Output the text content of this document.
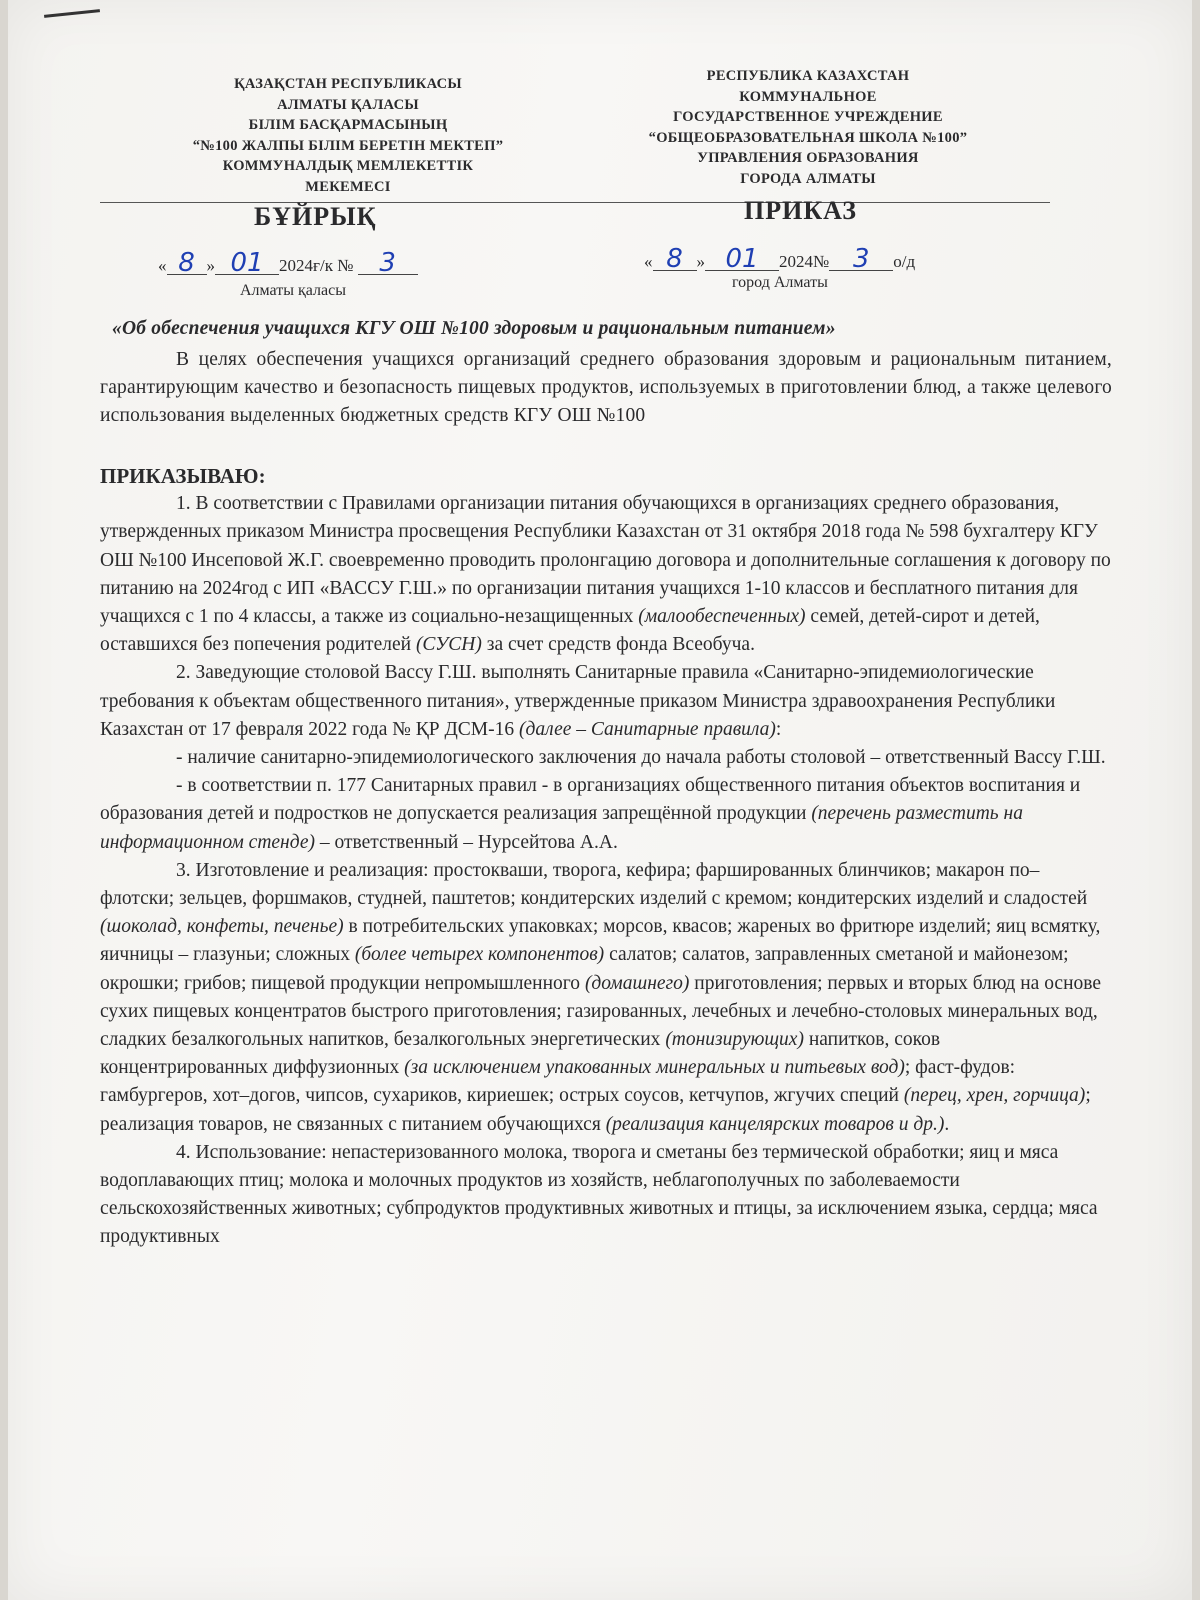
ҚАЗАҚСТАН РЕСПУБЛИКАСЫ
АЛМАТЫ ҚАЛАСЫ
БІЛІМ БАСҚАРМАСЫНЫҢ
“№100 ЖАЛПЫ БІЛІМ БЕРЕТІН МЕКТЕП”
КОММУНАЛДЫҚ МЕМЛЕКЕТТІК
МЕКЕМЕСІ
РЕСПУБЛИКА КАЗАХСТАН
КОММУНАЛЬНОЕ
ГОСУДАРСТВЕННОЕ УЧРЕЖДЕНИЕ
“ОБЩЕОБРАЗОВАТЕЛЬНАЯ ШКОЛА №100”
УПРАВЛЕНИЯ ОБРАЗОВАНИЯ
ГОРОДА АЛМАТЫ
БҰЙРЫҚ	ПРИКАЗ
« 8 » 01 2024ғ/к № 3
Алматы қаласы
« 8 » 01 2024№ 3 о/д
город Алматы
«Об обеспечения учащихся КГУ ОШ №100 здоровым и рациональным питанием»

В целях обеспечения учащихся организаций среднего образования здоровым и рациональным питанием, гарантирующим качество и безопасность пищевых продуктов, используемых в приготовлении блюд, а также целевого использования выделенных бюджетных средств КГУ ОШ №100

ПРИКАЗЫВАЮ:

1. В соответствии с Правилами организации питания обучающихся в организациях среднего образования, утвержденных приказом Министра просвещения Республики Казахстан от 31 октября 2018 года № 598 бухгалтеру КГУ ОШ №100 Инсеповой Ж.Г. своевременно проводить пролонгацию договора и дополнительные соглашения к договору по питанию на 2024год с ИП «ВАССУ Г.Ш.» по организации питания учащихся 1-10 классов и бесплатного питания для учащихся с 1 по 4 классы, а также из социально-незащищенных (малообеспеченных) семей, детей-сирот и детей, оставшихся без попечения родителей (СУСН) за счет средств фонда Всеобуча.

2. Заведующие столовой Вассу Г.Ш. выполнять Санитарные правила «Санитарно-эпидемиологические требования к объектам общественного питания», утвержденные приказом Министра здравоохранения Республики Казахстан от 17 февраля 2022 года № ҚР ДСМ-16 (далее – Санитарные правила):

- наличие санитарно-эпидемиологического заключения до начала работы столовой – ответственный Вассу Г.Ш.

- в соответствии п. 177 Санитарных правил - в организациях общественного питания объектов воспитания и образования детей и подростков не допускается реализация запрещённой продукции (перечень разместить на информационном стенде) – ответственный – Нурсейтова А.А.

3. Изготовление и реализация: простокваши, творога, кефира; фаршированных блинчиков; макарон по–флотски; зельцев, форшмаков, студней, паштетов; кондитерских изделий с кремом; кондитерских изделий и сладостей (шоколад, конфеты, печенье) в потребительских упаковках; морсов, квасов; жареных во фритюре изделий; яиц всмятку, яичницы – глазуньи; сложных (более четырех компонентов) салатов; салатов, заправленных сметаной и майонезом; окрошки; грибов; пищевой продукции непромышленного (домашнего) приготовления; первых и вторых блюд на основе сухих пищевых концентратов быстрого приготовления; газированных, лечебных и лечебно-столовых минеральных вод, сладких безалкогольных напитков, безалкогольных энергетических (тонизирующих) напитков, соков концентрированных диффузионных (за исключением упакованных минеральных и питьевых вод); фаст-фудов: гамбургеров, хот–догов, чипсов, сухариков, кириешек; острых соусов, кетчупов, жгучих специй (перец, хрен, горчица); реализация товаров, не связанных с питанием обучающихся (реализация канцелярских товаров и др.).

4. Использование: непастеризованного молока, творога и сметаны без термической обработки; яиц и мяса водоплавающих птиц; молока и молочных продуктов из хозяйств, неблагополучных по заболеваемости сельскохозяйственных животных; субпродуктов продуктивных животных и птицы, за исключением языка, сердца; мяса продуктивных
